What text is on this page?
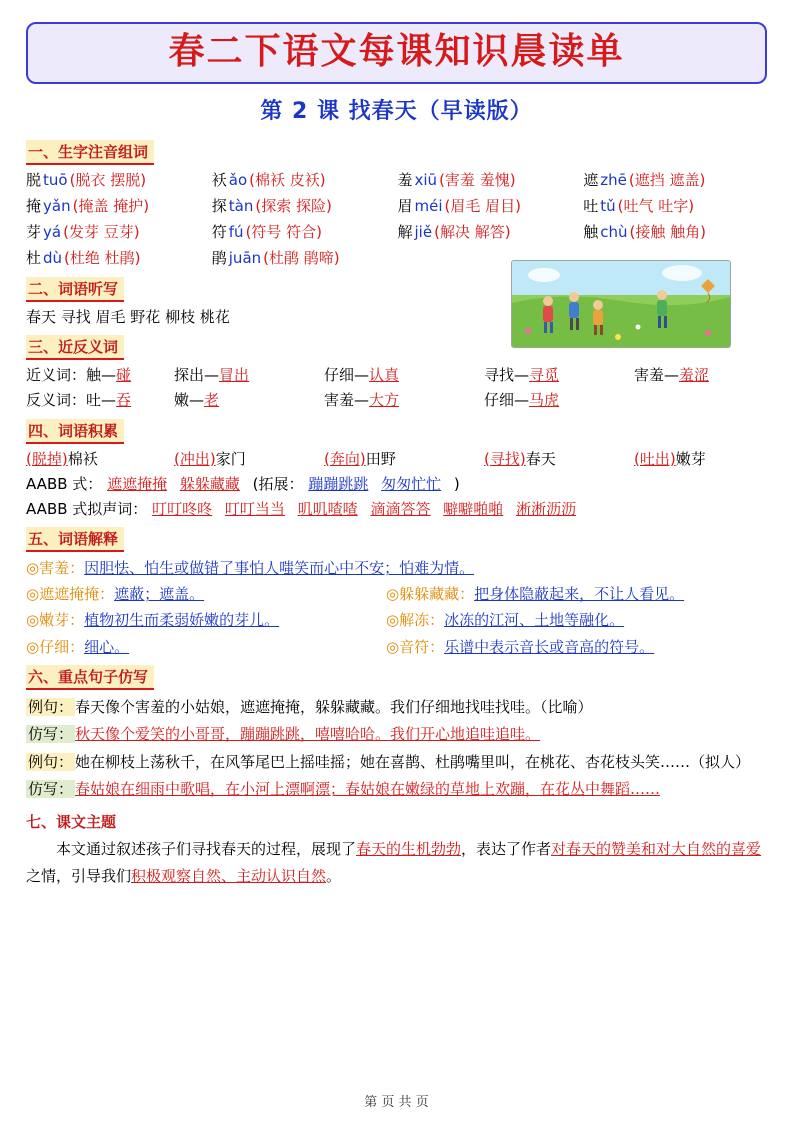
春二下语文每课知识晨读单
第 2 课 找春天（早读版）
一、生字注音组词
脱 tuō (脱衣 摆脱)	袄 ǎo (棉袄 皮袄)	羞 xiū (害羞 羞愧)	遮 zhē (遮挡 遮盖)
掩 yǎn (掩盖 掩护)	探 tàn (探索 探险)	眉 méi (眉毛 眉目)	吐 tǔ (吐气 吐字)
芽 yá (发芽 豆芽)	符 fú (符号 符合)	解 jiě (解决 解答)	触 chù (接触 触角)
杜 dù (杜绝 杜鹃)	鹃 juān (杜鹃 鹃啼)
二、词语听写
春天 寻找 眉毛 野花 柳枝 桃花
三、近反义词
近义词：触—碰	探出—冒出	仔细—认真	寻找—寻觅	害羞—羞涩
反义词：吐—吞	嫩—老	害羞—大方	仔细—马虎
四、词语积累
(脱掉)棉袄	(冲出)家门	(奔向)田野	(寻找)春天	(吐出)嫩芽
AABB 式： 遮遮掩掩 躲躲藏藏 (拓展： 蹦蹦跳跳 匆匆忙忙 )
AABB 式拟声词： 叮叮咚咚 叮叮当当 叽叽喳喳 滴滴答答 噼噼啪啪 淅淅沥沥
五、词语解释
◎害羞：因胆怯、怕生或做错了事怕人嗤笑而心中不安；怕难为情。
◎遮遮掩掩：遮蔽；遮盖。	◎躲躲藏藏：把身体隐蔽起来，不让人看见。
◎嫩芽：植物初生而柔弱娇嫩的芽儿。	◎解冻：冰冻的江河、土地等融化。
◎仔细：细心。	◎音符：乐谱中表示音长或音高的符号。
六、重点句子仿写
例句： 春天像个害羞的小姑娘，遮遮掩掩，躲躲藏藏。我们仔细地找哇找哇。（比喻）
仿写： 秋天像个爱笑的小哥哥，蹦蹦跳跳，嘻嘻哈哈。我们开心地追哇追哇。
例句： 她在柳枝上荡秋千，在风筝尾巴上摇哇摇；她在喜鹊、杜鹃嘴里叫，在桃花、杏花枝头笑……（拟人）
仿写： 春姑娘在细雨中歌唱，在小河上漂啊漂；春姑娘在嫩绿的草地上欢蹦，在花丛中舞蹈……
七、课文主题
本文通过叙述孩子们寻找春天的过程，展现了春天的生机勃勃，表达了作者对春天的赞美和对大自然的喜爱之情，引导我们积极观察自然、主动认识自然。
第 页 共 页
